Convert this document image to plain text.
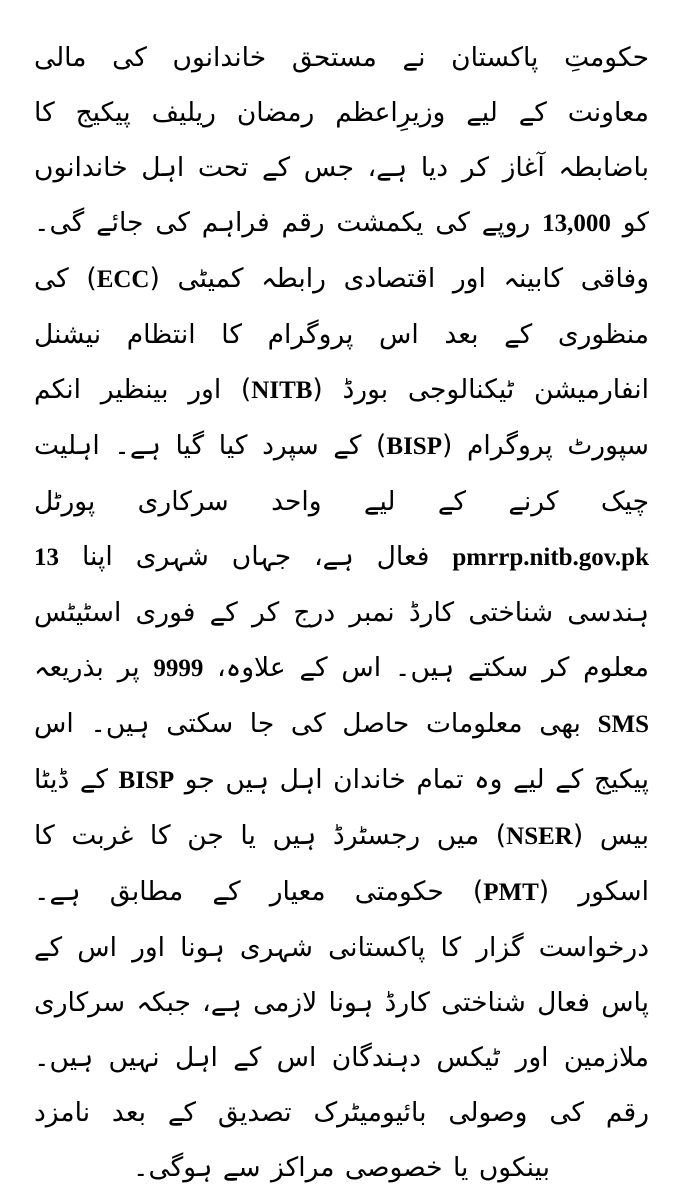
حکومتِ پاکستان نے مستحق خاندانوں کی مالی معاونت کے لیے وزیرِاعظم رمضان ریلیف پیکیج کا باضابطہ آغاز کر دیا ہے، جس کے تحت اہل خاندانوں کو 13,000 روپے کی یکمشت رقم فراہم کی جائے گی۔ وفاقی کابینہ اور اقتصادی رابطہ کمیٹی (ECC) کی منظوری کے بعد اس پروگرام کا انتظام نیشنل انفارمیشن ٹیکنالوجی بورڈ (NITB) اور بینظیر انکم سپورٹ پروگرام (BISP) کے سپرد کیا گیا ہے۔ اہلیت چیک کرنے کے لیے واحد سرکاری پورٹل pmrrp.nitb.gov.pk فعال ہے، جہاں شہری اپنا 13 ہندسی شناختی کارڈ نمبر درج کر کے فوری اسٹیٹس معلوم کر سکتے ہیں۔ اس کے علاوہ، 9999 پر بذریعہ SMS بھی معلومات حاصل کی جا سکتی ہیں۔ اس پیکیج کے لیے وہ تمام خاندان اہل ہیں جو BISP کے ڈیٹا بیس (NSER) میں رجسٹرڈ ہیں یا جن کا غربت کا اسکور (PMT) حکومتی معیار کے مطابق ہے۔ درخواست گزار کا پاکستانی شہری ہونا اور اس کے پاس فعال شناختی کارڈ ہونا لازمی ہے، جبکہ سرکاری ملازمین اور ٹیکس دہندگان اس کے اہل نہیں ہیں۔ رقم کی وصولی بائیومیٹرک تصدیق کے بعد نامزد بینکوں یا خصوصی مراکز سے ہوگی۔
